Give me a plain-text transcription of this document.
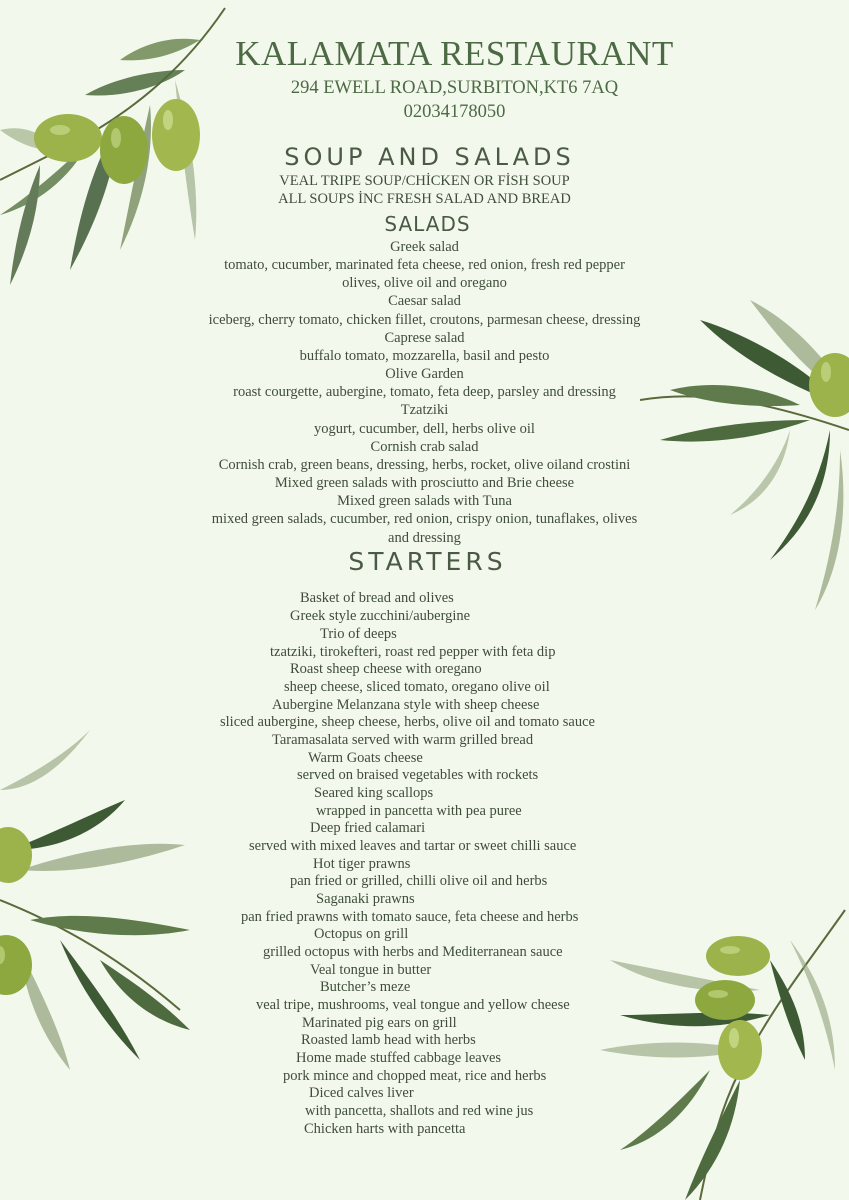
KALAMATA RESTAURANT
294 EWELL ROAD,SURBITON,KT6 7AQ
02034178050
SOUP AND SALADS
VEAL TRIPE SOUP/CHİCKEN OR FİSH SOUP
ALL SOUPS İNC FRESH SALAD AND BREAD
SALADS
Greek salad
tomato, cucumber, marinated feta cheese, red onion, fresh red pepper
olives, olive oil and oregano
Caesar salad
iceberg, cherry tomato, chicken fillet, croutons, parmesan cheese, dressing
Caprese salad
buffalo tomato, mozzarella, basil and pesto
Olive Garden
roast courgette, aubergine, tomato, feta deep, parsley and dressing
Tzatziki
yogurt, cucumber, dell, herbs olive oil
Cornish crab salad
Cornish crab, green beans, dressing, herbs, rocket, olive oiland crostini
Mixed green salads with prosciutto and Brie cheese
Mixed green salads with Tuna
mixed green salads, cucumber, red onion, crispy onion, tunaflakes, olives
and dressing
STARTERS
Basket of bread and olives
Greek style zucchini/aubergine
Trio of deeps
tzatziki, tirokefteri, roast red pepper with feta dip
Roast sheep cheese with oregano
sheep cheese, sliced tomato, oregano olive oil
Aubergine Melanzana style with sheep cheese
sliced aubergine, sheep cheese, herbs, olive oil and tomato sauce
Taramasalata served with warm grilled bread
Warm Goats cheese
served on braised vegetables with rockets
Seared king scallops
wrapped in pancetta with pea puree
Deep fried calamari
served with mixed leaves and tartar or sweet chilli sauce
Hot tiger prawns
pan fried or grilled, chilli olive oil and herbs
Saganaki prawns
pan fried prawns with tomato sauce, feta cheese and herbs
Octopus on grill
grilled octopus with herbs and Mediterranean sauce
Veal tongue in butter
Butcher’s meze
veal tripe, mushrooms, veal tongue and yellow cheese
Marinated pig ears on grill
Roasted lamb head with herbs
Home made stuffed cabbage leaves
pork mince and chopped meat, rice and herbs
Diced calves liver
with pancetta, shallots and red wine jus
Chicken harts with pancetta
